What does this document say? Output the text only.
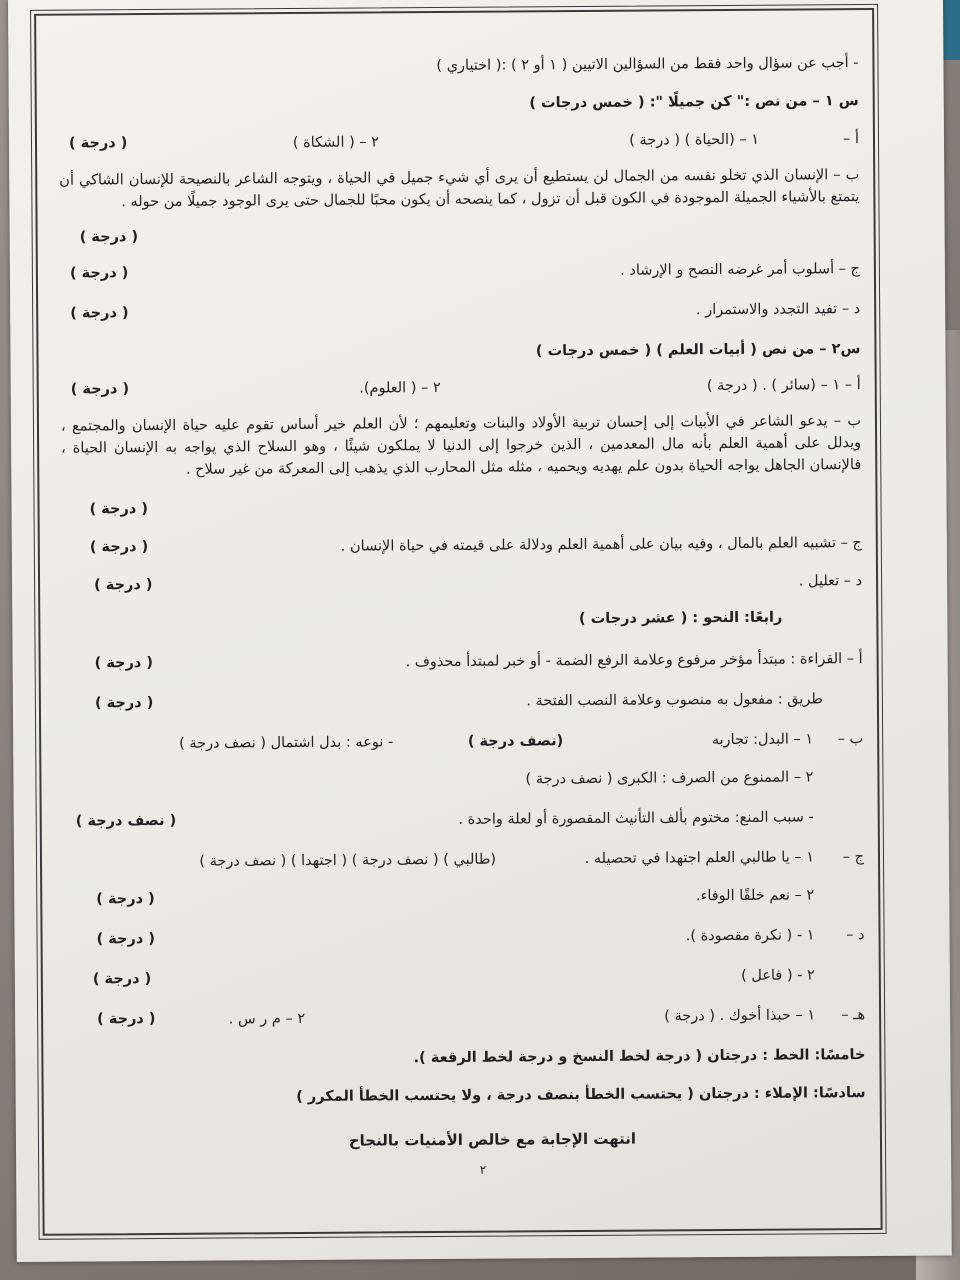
- أجب عن سؤال واحد فقط من السؤالين الاتيين ( ١ أو ٢ ) :( اختياري )
س ١ – من نص :" كن جميلًا ": ( خمس درجات )
أ –
١ – (الحياة ) ( درجة )
٢ – ( الشكاة )
( درجة )
ب – الإنسان الذي تخلو نفسه من الجمال لن يستطيع أن يرى أي شيء جميل في الحياة ، ويتوجه الشاعر بالنصيحة للإنسان الشاكي أن يتمتع بالأشياء الجميلة الموجودة في الكون قبل أن تزول ، كما ينصحه أن يكون محبًا للجمال حتى يرى الوجود جميلًا من حوله .
( درجة )
ج – أسلوب أمر غرضه النصح و الإرشاد .
( درجة )
د – تفيد التجدد والاستمرار .
( درجة )
س٢ – من نص ( أبيات العلم ) ( خمس درجات )
أ – ١ – (سائر ) . ( درجة )
٢ – ( العلوم).
( درجة )
ب – يدعو الشاعر في الأبيات إلى إحسان تربية الأولاد والبنات وتعليمهم ؛ لأن العلم خير أساس تقوم عليه حياة الإنسان والمجتمع ، ويدلل على أهمية العلم بأنه مال المعدمين ، الذين خرجوا إلى الدنيا لا يملكون شيئًا ، وهو السلاح الذي يواجه به الإنسان الحياة ، فالإنسان الجاهل يواجه الحياة بدون علم يهديه ويحميه ، مثله مثل المحارب الذي يذهب إلى المعركة من غير سلاح .
( درجة )
ج – تشبيه العلم بالمال ، وفيه بيان على أهمية العلم ودلالة على قيمته في حياة الإنسان .
( درجة )
د – تعليل .
( درجة )
رابعًا: النحو : ( عشر درجات )
أ – القراءة : مبتدأ مؤخر مرفوع وعلامة الرفع الضمة - أو خبر لمبتدأ محذوف .
( درجة )
طريق : مفعول به منصوب وعلامة النصب الفتحة .
( درجة )
ب –
١ – البدل: تجاربه
(نصف درجة )
- نوعه : بدل اشتمال ( نصف درجة )
٢ – الممنوع من الصرف : الكبرى ( نصف درجة )
- سبب المنع: مختوم بألف التأنيث المقصورة أو لعلة واحدة .
( نصف درجة )
ج –
١ – يا طالبي العلم اجتهدا في تحصيله .
(طالبي ) ( نصف درجة ) ( اجتهدا ) ( نصف درجة )
٢ – نعم خلقًا الوفاء.
( درجة )
د –
١ - ( نكرة مقصودة ).
( درجة )
٢ - ( فاعل )
( درجة )
هـ –
١ – حبذا أخوك . ( درجة )
٢ – م ر س .
( درجة )
خامسًا: الخط : درجتان ( درجة لخط النسخ و درجة لخط الرقعة ).
سادسًا: الإملاء : درجتان ( يحتسب الخطأ بنصف درجة ، ولا يحتسب الخطأ المكرر )
انتهت الإجابة مع خالص الأمنيات بالنجاح
٢
